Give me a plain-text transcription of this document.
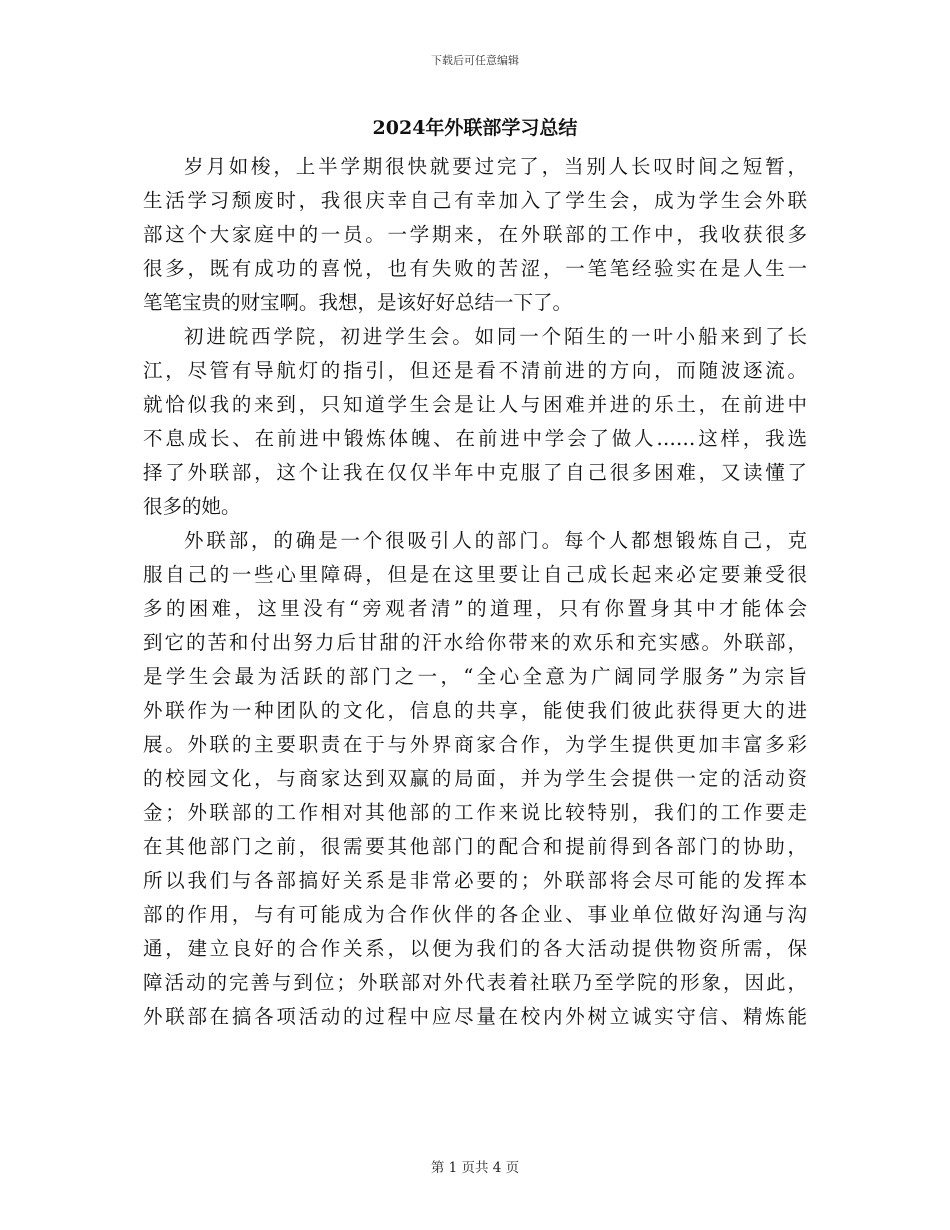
下载后可任意编辑
2024年外联部学习总结
岁月如梭，上半学期很快就要过完了，当别人长叹时间之短暂，
生活学习颓废时，我很庆幸自己有幸加入了学生会，成为学生会外联
部这个大家庭中的一员。一学期来，在外联部的工作中，我收获很多
很多，既有成功的喜悦，也有失败的苦涩，一笔笔经验实在是人生一
笔笔宝贵的财宝啊。我想，是该好好总结一下了。
初进皖西学院，初进学生会。如同一个陌生的一叶小船来到了长
江，尽管有导航灯的指引，但还是看不清前进的方向，而随波逐流。
就恰似我的来到，只知道学生会是让人与困难并进的乐土，在前进中
不息成长、在前进中锻炼体魄、在前进中学会了做人……这样，我选
择了外联部，这个让我在仅仅半年中克服了自己很多困难，又读懂了
很多的她。
外联部，的确是一个很吸引人的部门。每个人都想锻炼自己，克
服自己的一些心里障碍，但是在这里要让自己成长起来必定要兼受很
多的困难，这里没有“旁观者清”的道理，只有你置身其中才能体会
到它的苦和付出努力后甘甜的汗水给你带来的欢乐和充实感。外联部，
是学生会最为活跃的部门之一，“全心全意为广阔同学服务”为宗旨
外联作为一种团队的文化，信息的共享，能使我们彼此获得更大的进
展。外联的主要职责在于与外界商家合作，为学生提供更加丰富多彩
的校园文化，与商家达到双赢的局面，并为学生会提供一定的活动资
金；外联部的工作相对其他部的工作来说比较特别，我们的工作要走
在其他部门之前，很需要其他部门的配合和提前得到各部门的协助，
所以我们与各部搞好关系是非常必要的；外联部将会尽可能的发挥本
部的作用，与有可能成为合作伙伴的各企业、事业单位做好沟通与沟
通，建立良好的合作关系，以便为我们的各大活动提供物资所需，保
障活动的完善与到位；外联部对外代表着社联乃至学院的形象，因此，
外联部在搞各项活动的过程中应尽量在校内外树立诚实守信、精炼能
第 1 页共 4 页
